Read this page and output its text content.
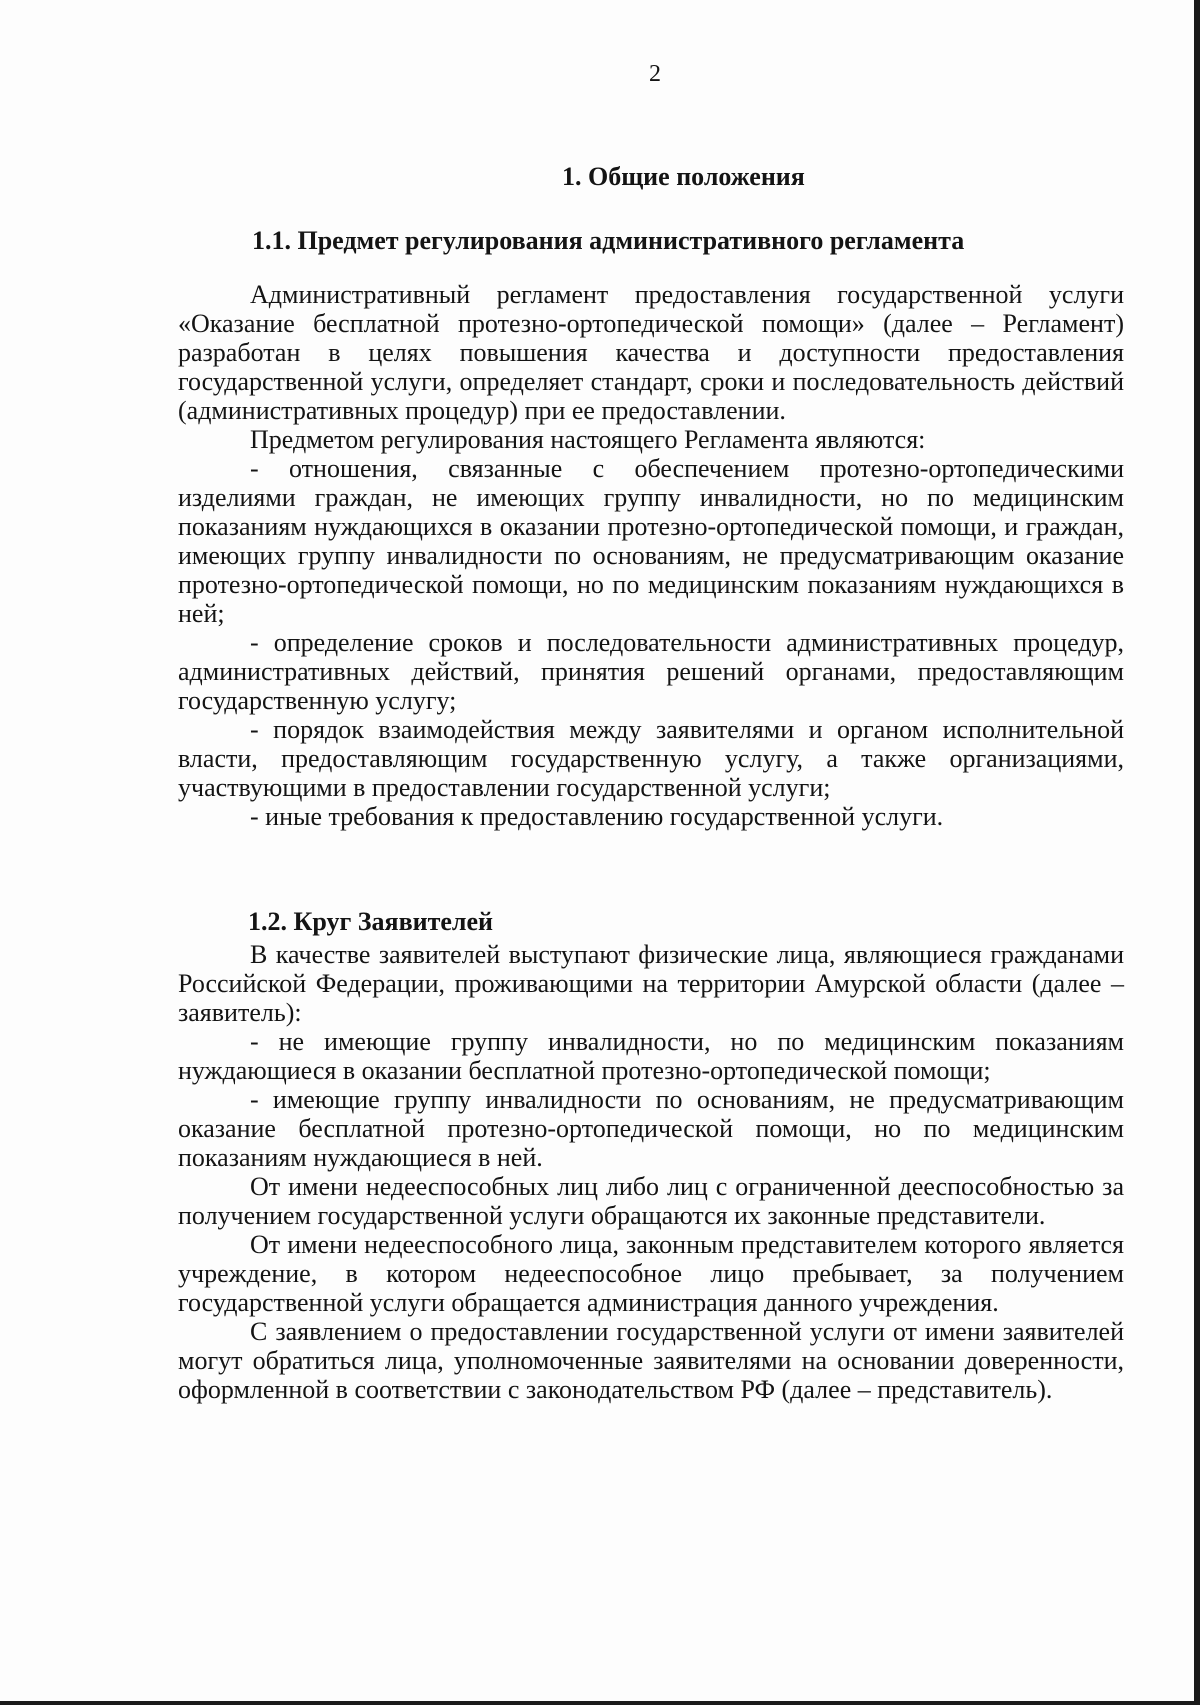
2
1. Общие положения
1.1. Предмет регулирования административного регламента

Административный регламент предоставления государственной услуги «Оказание бесплатной протезно-ортопедической помощи» (далее – Регламент) разработан в целях повышения качества и доступности предоставления государственной услуги, определяет стандарт, сроки и последовательность действий (административных процедур) при ее предоставлении.

Предметом регулирования настоящего Регламента являются:

- отношения, связанные с обеспечением протезно-ортопедическими изделиями граждан, не имеющих группу инвалидности, но по медицинским показаниям нуждающихся в оказании протезно-ортопедической помощи, и граждан, имеющих группу инвалидности по основаниям, не предусматривающим оказание протезно-ортопедической помощи, но по медицинским показаниям нуждающихся в ней;

- определение сроков и последовательности административных процедур, административных действий, принятия решений органами, предоставляющим государственную услугу;

- порядок взаимодействия между заявителями и органом исполнительной власти, предоставляющим государственную услугу, а также организациями, участвующими в предоставлении государственной услуги;

- иные требования к предоставлению государственной услуги.

1.2. Круг Заявителей

В качестве заявителей выступают физические лица, являющиеся гражданами Российской Федерации, проживающими на территории Амурской области (далее – заявитель):

- не имеющие группу инвалидности, но по медицинским показаниям нуждающиеся в оказании бесплатной протезно-ортопедической помощи;

- имеющие группу инвалидности по основаниям, не предусматривающим оказание бесплатной протезно-ортопедической помощи, но по медицинским показаниям нуждающиеся в ней.

От имени недееспособных лиц либо лиц с ограниченной дееспособностью за получением государственной услуги обращаются их законные представители.

От имени недееспособного лица, законным представителем которого является учреждение, в котором недееспособное лицо пребывает, за получением государственной услуги обращается администрация данного учреждения.

С заявлением о предоставлении государственной услуги от имени заявителей могут обратиться лица, уполномоченные заявителями на основании доверенности, оформленной в соответствии с законодательством РФ (далее – представитель).
